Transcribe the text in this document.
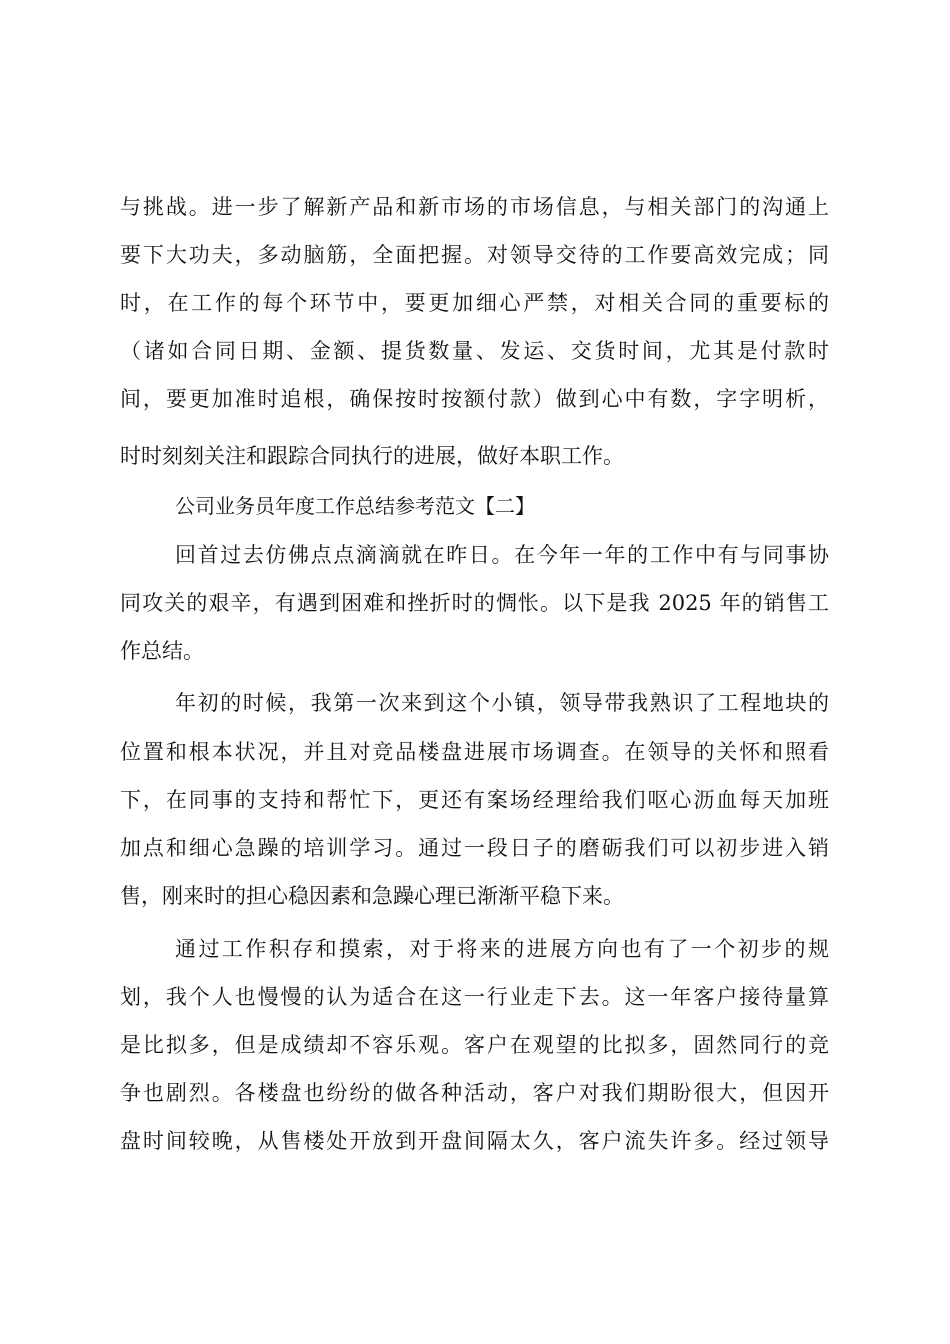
与挑战。进一步了解新产品和新市场的市场信息，与相关部门的沟通上
要下大功夫，多动脑筋，全面把握。对领导交待的工作要高效完成；同
时，在工作的每个环节中，要更加细心严禁，对相关合同的重要标的
（诸如合同日期、金额、提货数量、发运、交货时间，尤其是付款时
间，要更加准时追根，确保按时按额付款）做到心中有数，字字明析，
时时刻刻关注和跟踪合同执行的进展，做好本职工作。
公司业务员年度工作总结参考范文【二】
回首过去仿佛点点滴滴就在昨日。在今年一年的工作中有与同事协
同攻关的艰辛，有遇到困难和挫折时的惆怅。以下是我 2025 年的销售工
作总结。
年初的时候，我第一次来到这个小镇，领导带我熟识了工程地块的
位置和根本状况，并且对竞品楼盘进展市场调查。在领导的关怀和照看
下，在同事的支持和帮忙下，更还有案场经理给我们呕心沥血每天加班
加点和细心急躁的培训学习。通过一段日子的磨砺我们可以初步进入销
售，刚来时的担心稳因素和急躁心理已渐渐平稳下来。
通过工作积存和摸索，对于将来的进展方向也有了一个初步的规
划，我个人也慢慢的认为适合在这一行业走下去。这一年客户接待量算
是比拟多，但是成绩却不容乐观。客户在观望的比拟多，固然同行的竞
争也剧烈。各楼盘也纷纷的做各种活动，客户对我们期盼很大，但因开
盘时间较晚，从售楼处开放到开盘间隔太久，客户流失许多。经过领导
